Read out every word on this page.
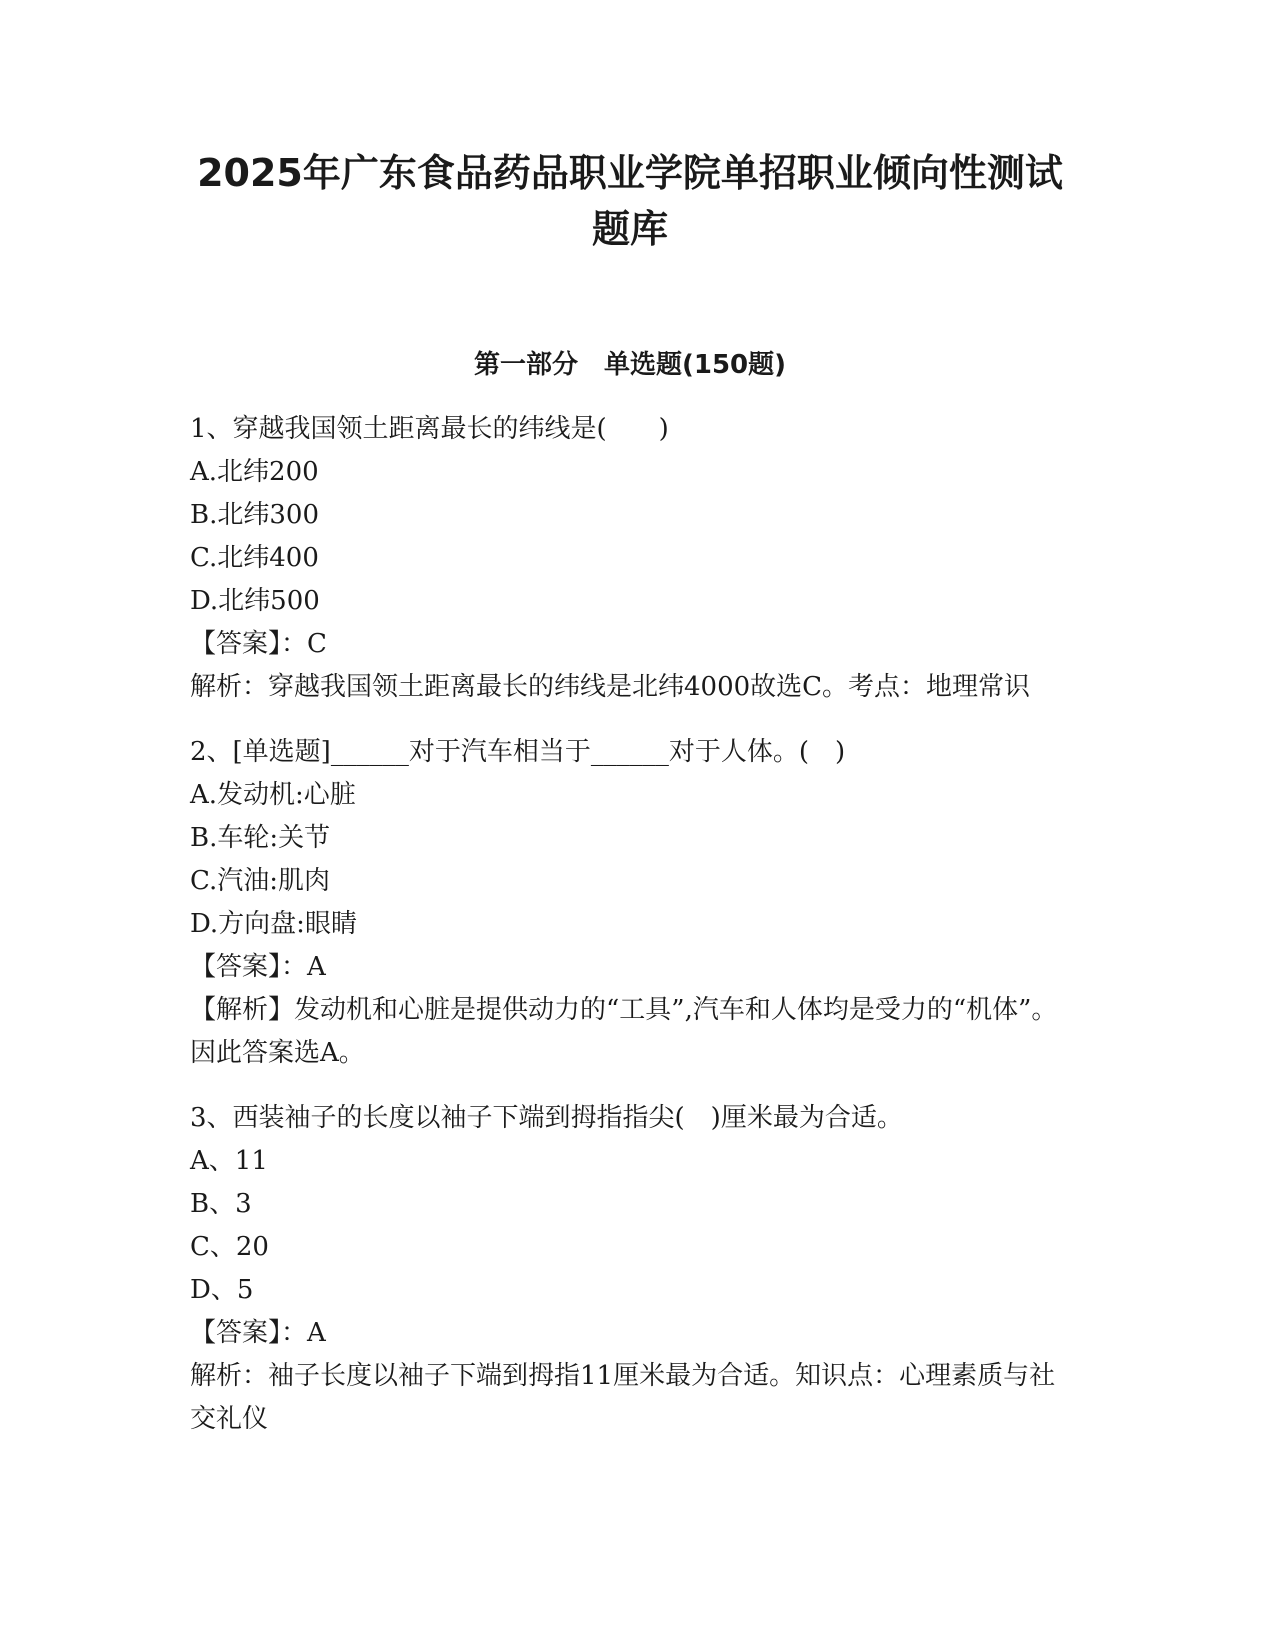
2025年广东食品药品职业学院单招职业倾向性测试题库
第一部分　单选题(150题)

1、穿越我国领土距离最长的纬线是(　　)

A.北纬200

B.北纬300

C.北纬400

D.北纬500

【答案】：C

解析：穿越我国领土距离最长的纬线是北纬4000故选C。考点：地理常识

2、[单选题]______对于汽车相当于______对于人体。(　)

A.发动机:心脏

B.车轮:关节

C.汽油:肌肉

D.方向盘:眼睛

【答案】：A

【解析】发动机和心脏是提供动力的“工具”,汽车和人体均是受力的“机体”。因此答案选A。

3、西装袖子的长度以袖子下端到拇指指尖(　)厘米最为合适。

A、11

B、3

C、20

D、5

【答案】：A

解析：袖子长度以袖子下端到拇指11厘米最为合适。知识点：心理素质与社交礼仪
